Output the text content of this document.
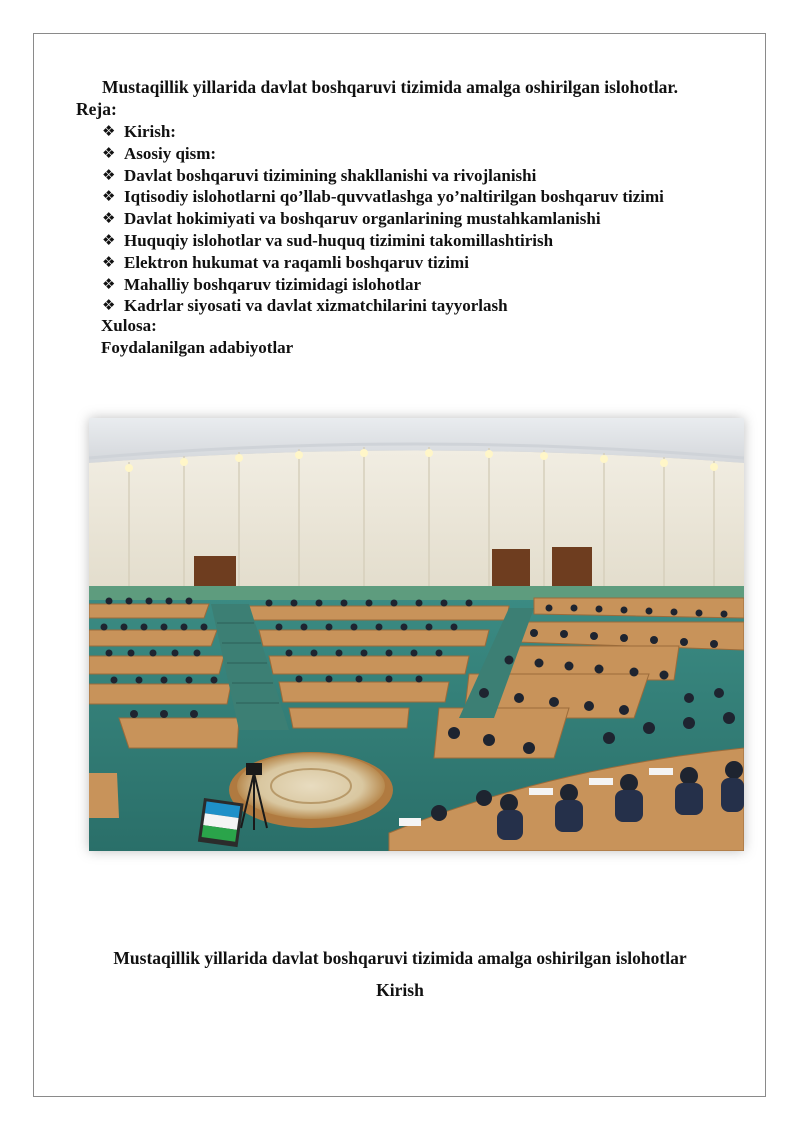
Mustaqillik yillarida davlat boshqaruvi tizimida amalga oshirilgan islohotlar.
Reja:
❖ Kirish:
❖ Asosiy qism:
❖ Davlat boshqaruvi tizimining shakllanishi va rivojlanishi
❖ Iqtisodiy islohotlarni qo’llab-quvvatlashga yo’naltirilgan boshqaruv tizimi
❖ Davlat hokimiyati va boshqaruv organlarining mustahkamlanishi
❖ Huquqiy islohotlar va sud-huquq tizimini takomillashtirish
❖ Elektron hukumat va raqamli boshqaruv tizimi
❖ Mahalliy boshqaruv tizimidagi islohotlar
❖ Kadrlar siyosati va davlat xizmatchilarini tayyorlash
Xulosa:
Foydalanilgan adabiyotlar
Mustaqillik yillarida davlat boshqaruvi tizimida amalga oshirilgan islohotlar
Kirish
